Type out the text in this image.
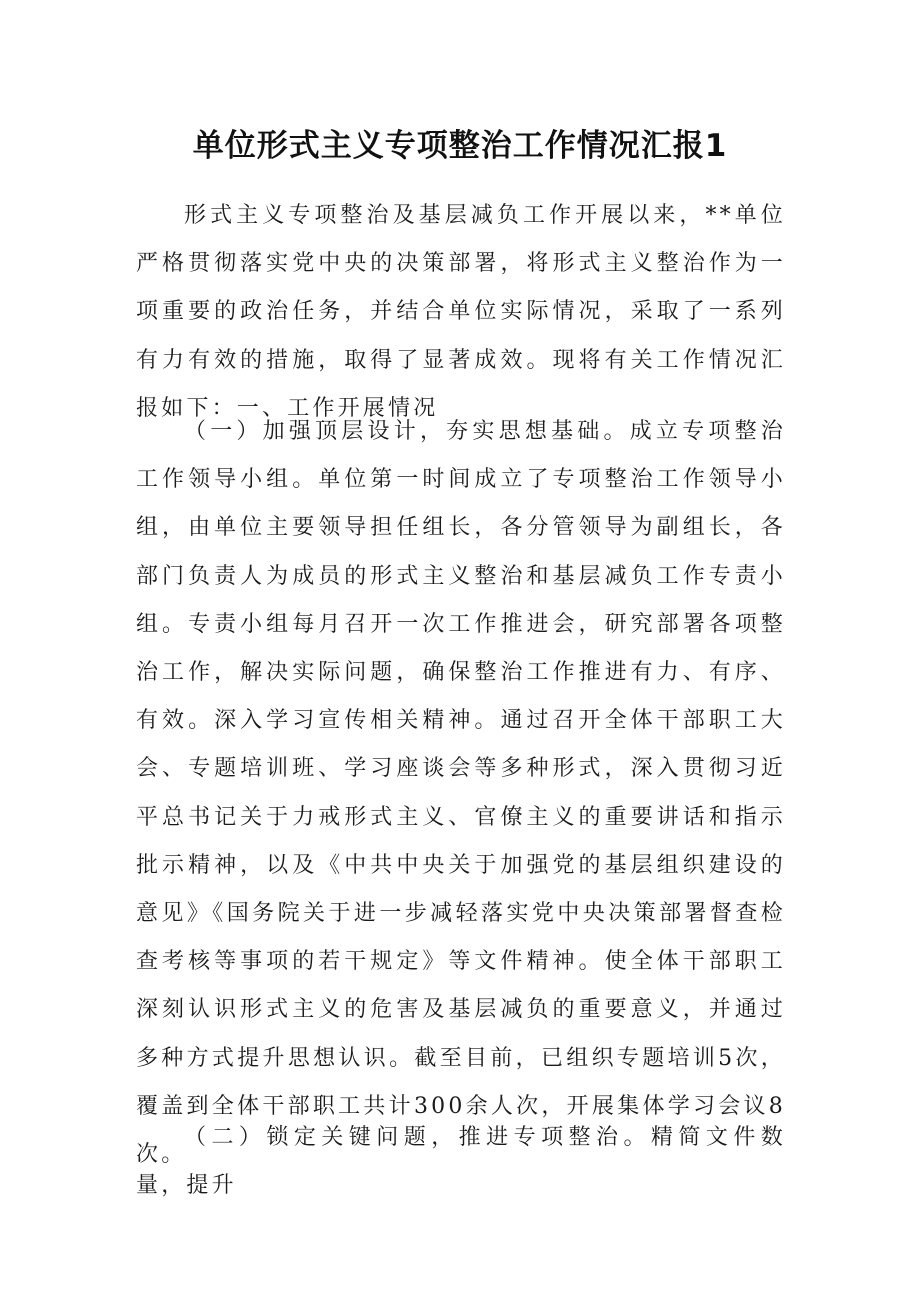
单位形式主义专项整治工作情况汇报1

形式主义专项整治及基层减负工作开展以来，**单位严格贯彻落实党中央的决策部署，将形式主义整治作为一项重要的政治任务，并结合单位实际情况，采取了一系列有力有效的措施，取得了显著成效。现将有关工作情况汇报如下：一、工作开展情况

（一）加强顶层设计，夯实思想基础。成立专项整治工作领导小组。单位第一时间成立了专项整治工作领导小组，由单位主要领导担任组长，各分管领导为副组长，各部门负责人为成员的形式主义整治和基层减负工作专责小组。专责小组每月召开一次工作推进会，研究部署各项整治工作，解决实际问题，确保整治工作推进有力、有序、有效。深入学习宣传相关精神。通过召开全体干部职工大会、专题培训班、学习座谈会等多种形式，深入贯彻习近平总书记关于力戒形式主义、官僚主义的重要讲话和指示批示精神，以及《中共中央关于加强党的基层组织建设的意见》《国务院关于进一步减轻落实党中央决策部署督查检查考核等事项的若干规定》等文件精神。使全体干部职工深刻认识形式主义的危害及基层减负的重要意义，并通过多种方式提升思想认识。截至目前，已组织专题培训5次，覆盖到全体干部职工共计300余人次，开展集体学习会议8次。

（二）锁定关键问题，推进专项整治。精简文件数量，提升
